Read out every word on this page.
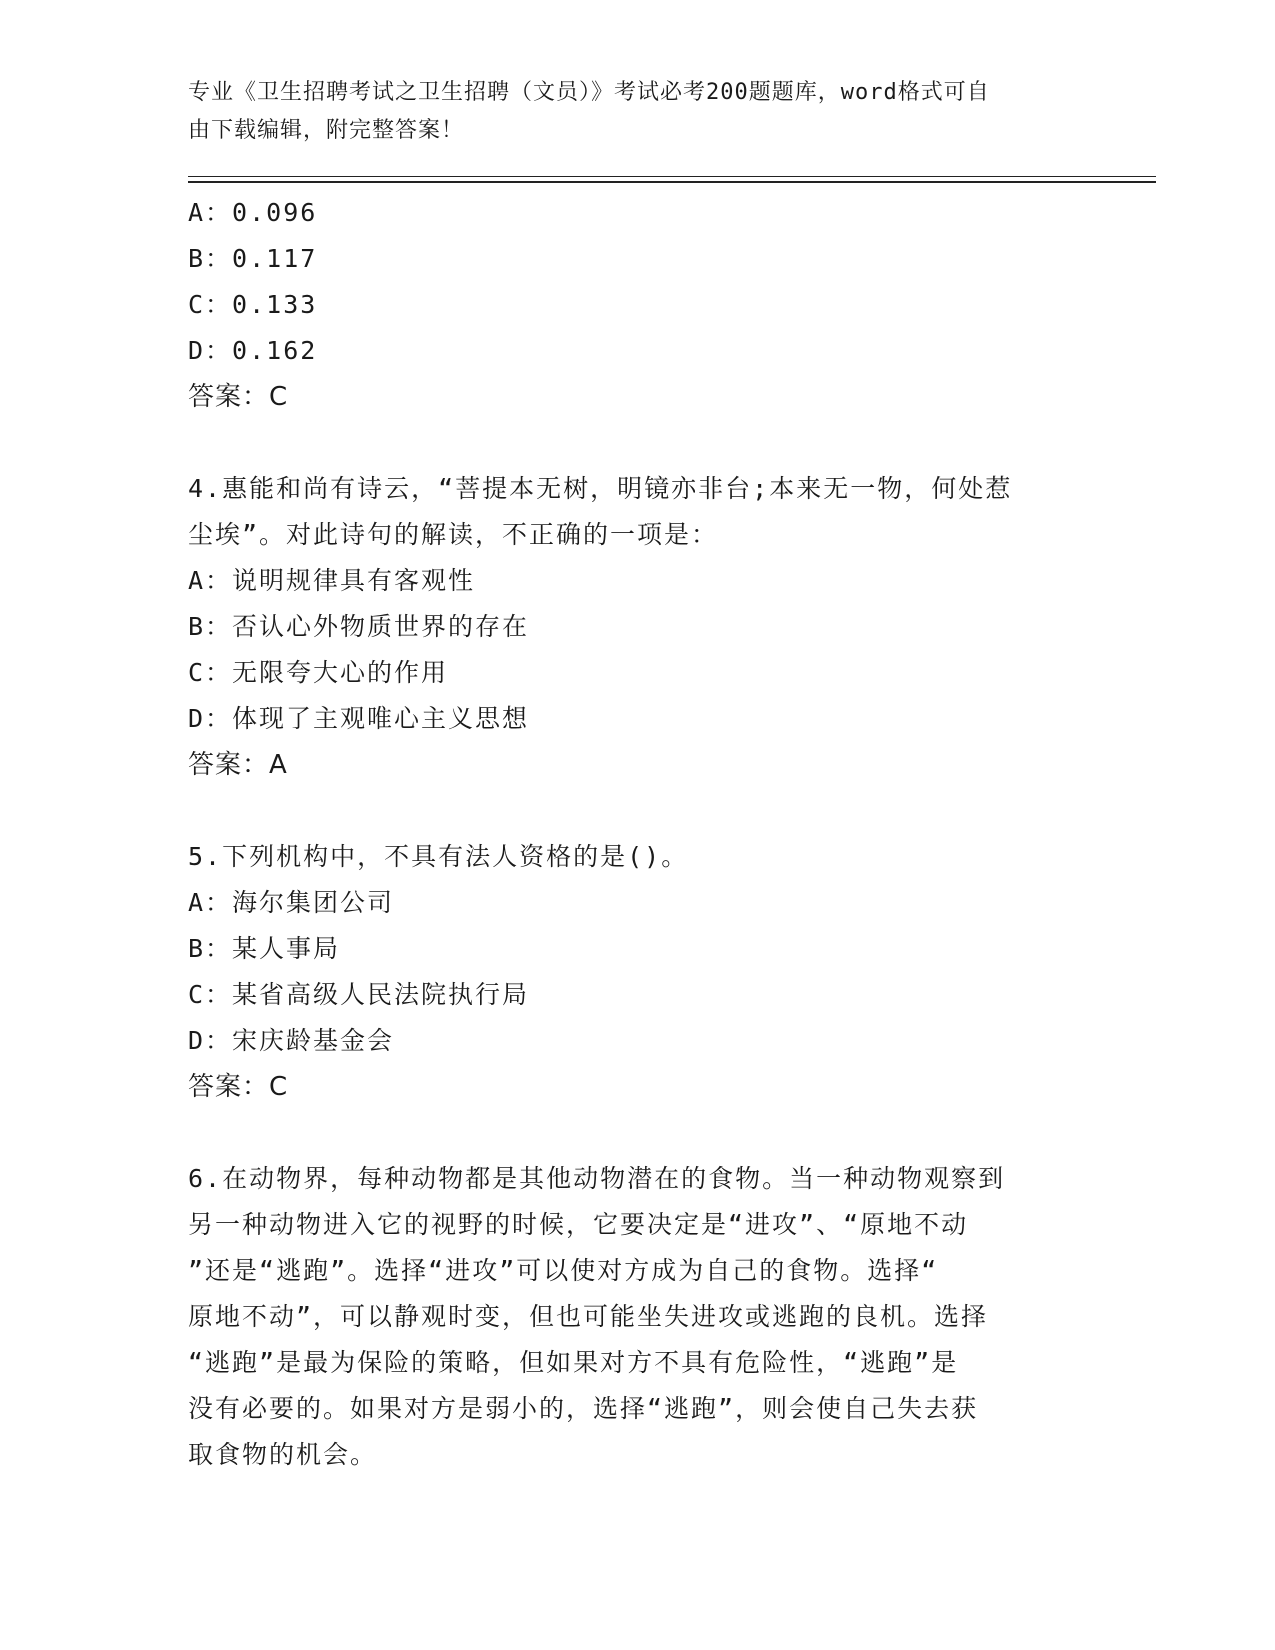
专业《卫生招聘考试之卫生招聘（文员）》考试必考200题题库，word格式可自
由下载编辑，附完整答案！
A：0.096
B：0.117
C：0.133
D：0.162
答案：C
4.惠能和尚有诗云，“菩提本无树，明镜亦非台;本来无一物，何处惹
尘埃”。对此诗句的解读，不正确的一项是：
A：说明规律具有客观性
B：否认心外物质世界的存在
C：无限夸大心的作用
D：体现了主观唯心主义思想
答案：A
5.下列机构中，不具有法人资格的是()。
A：海尔集团公司
B：某人事局
C：某省高级人民法院执行局
D：宋庆龄基金会
答案：C
6.在动物界，每种动物都是其他动物潜在的食物。当一种动物观察到
另一种动物进入它的视野的时候，它要决定是“进攻”、“原地不动
”还是“逃跑”。选择“进攻”可以使对方成为自己的食物。选择“
原地不动”，可以静观时变，但也可能坐失进攻或逃跑的良机。选择
“逃跑”是最为保险的策略，但如果对方不具有危险性，“逃跑”是
没有必要的。如果对方是弱小的，选择“逃跑”，则会使自己失去获
取食物的机会。
